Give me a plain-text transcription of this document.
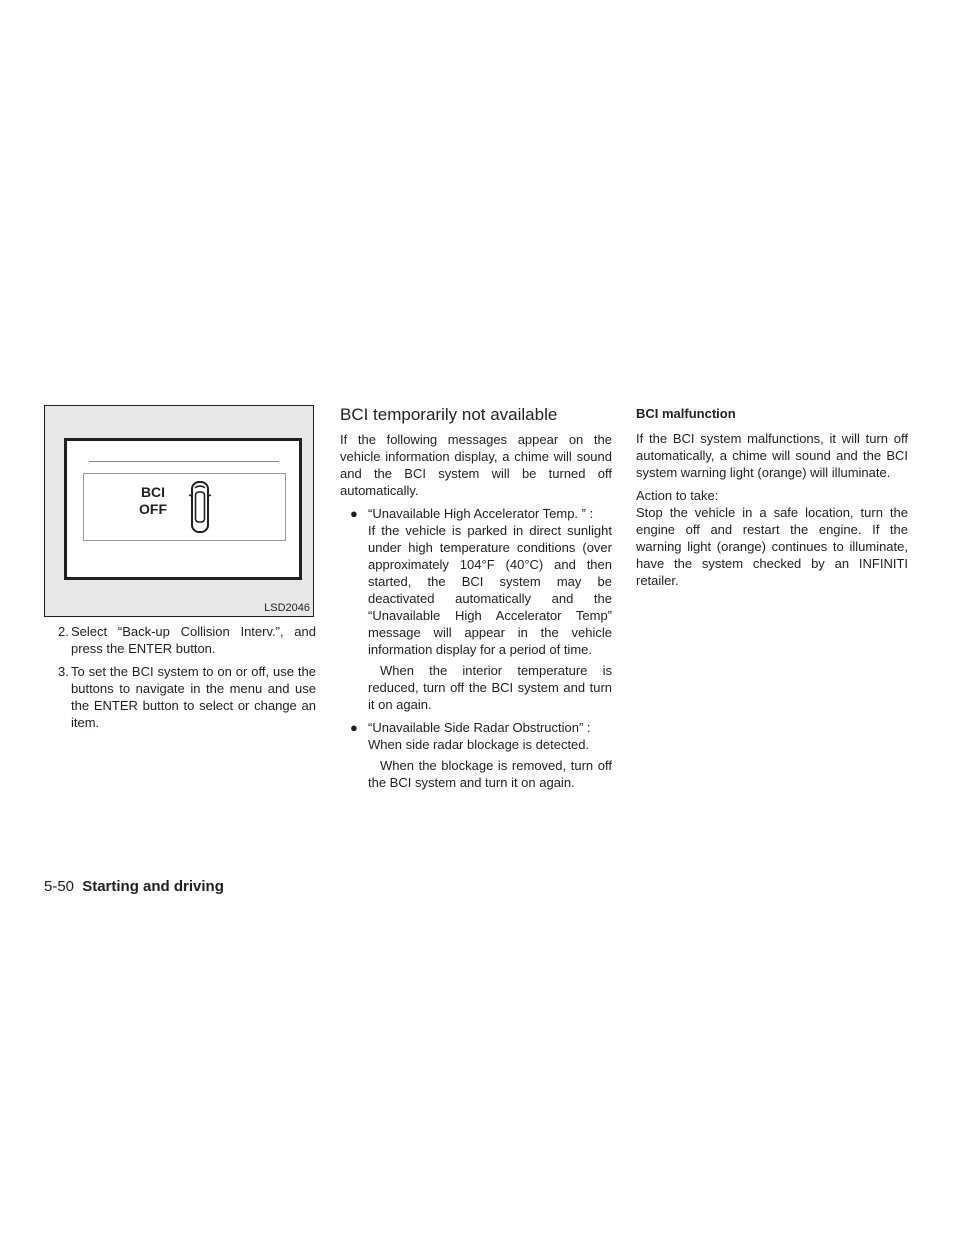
BCI
OFF
LSD2046
2. Select “Back-up Collision Interv.”, and press the ENTER button.
3. To set the BCI system to on or off, use the buttons to navigate in the menu and use the ENTER button to select or change an item.
BCI temporarily not available

If the following messages appear on the vehicle information display, a chime will sound and the BCI system will be turned off automatically.

● “Unavailable High Accelerator Temp. ” :
If the vehicle is parked in direct sunlight under high temperature conditions (over approximately 104°F (40°C) and then started, the BCI system may be deactivated automatically and the “Unavailable High Accelerator Temp” message will appear in the vehicle information display for a period of time.

When the interior temperature is reduced, turn off the BCI system and turn it on again.

● “Unavailable Side Radar Obstruction” :
When side radar blockage is detected.

When the blockage is removed, turn off the BCI system and turn it on again.

BCI malfunction

If the BCI system malfunctions, it will turn off automatically, a chime will sound and the BCI system warning light (orange) will illuminate.

Action to take:

Stop the vehicle in a safe location, turn the engine off and restart the engine. If the warning light (orange) continues to illuminate, have the system checked by an INFINITI retailer.

5-50 Starting and driving
